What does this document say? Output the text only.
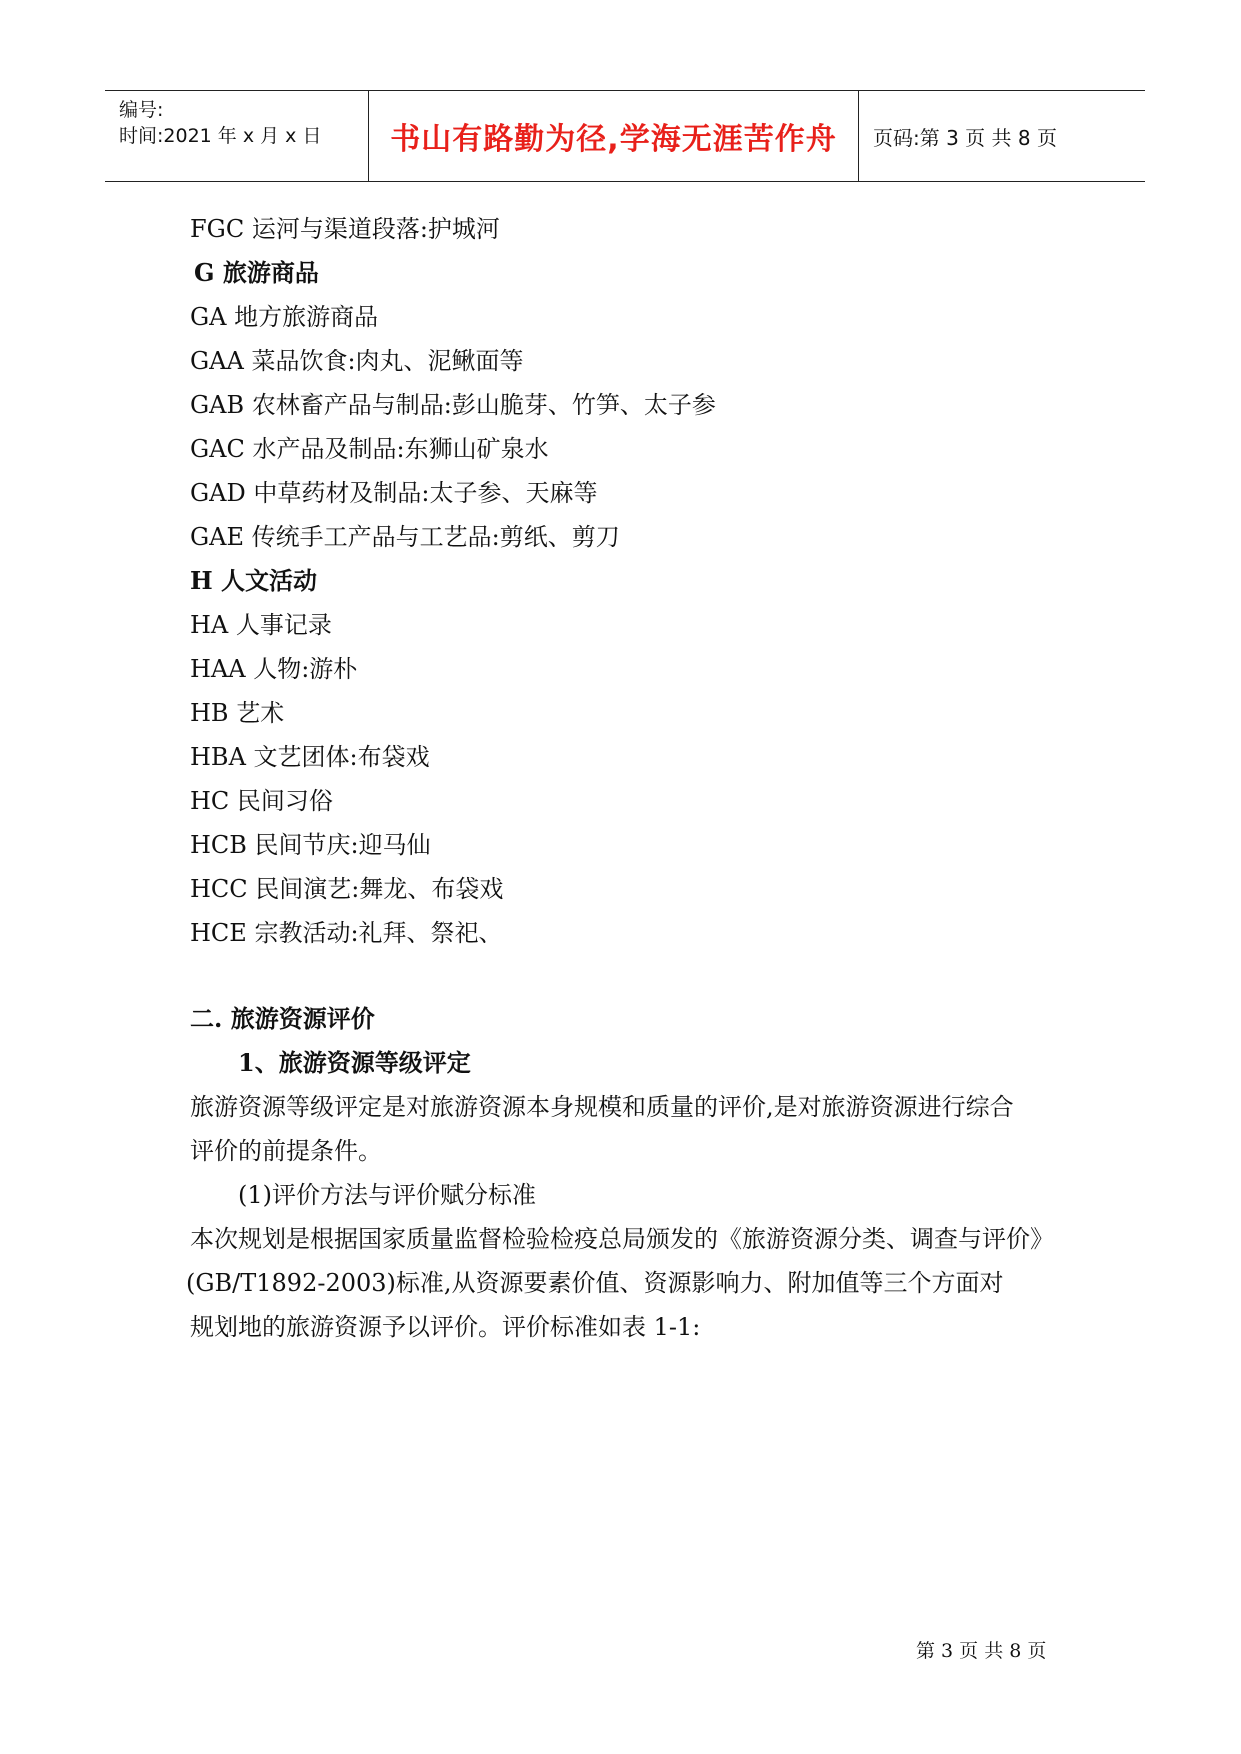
编号:
时间:2021 年 x 月 x 日	书山有路勤为径,学海无涯苦作舟	页码:第 3 页 共 8 页
FGC 运河与渠道段落:护城河
G 旅游商品
GA 地方旅游商品
GAA 菜品饮食:肉丸、泥鳅面等
GAB 农林畜产品与制品:彭山脆芽、竹笋、太子参
GAC 水产品及制品:东狮山矿泉水
GAD 中草药材及制品:太子参、天麻等
GAE 传统手工产品与工艺品:剪纸、剪刀
H 人文活动
HA 人事记录
HAA 人物:游朴
HB 艺术
HBA 文艺团体:布袋戏
HC 民间习俗
HCB 民间节庆:迎马仙
HCC 民间演艺:舞龙、布袋戏
HCE 宗教活动:礼拜、祭祀、
二. 旅游资源评价
1、旅游资源等级评定
旅游资源等级评定是对旅游资源本身规模和质量的评价,是对旅游资源进行综合
评价的前提条件。
(1)评价方法与评价赋分标准
本次规划是根据国家质量监督检验检疫总局颁发的《旅游资源分类、调查与评价》
(GB/T1892-2003)标准,从资源要素价值、资源影响力、附加值等三个方面对
规划地的旅游资源予以评价。评价标准如表 1-1:
第 3 页 共 8 页
